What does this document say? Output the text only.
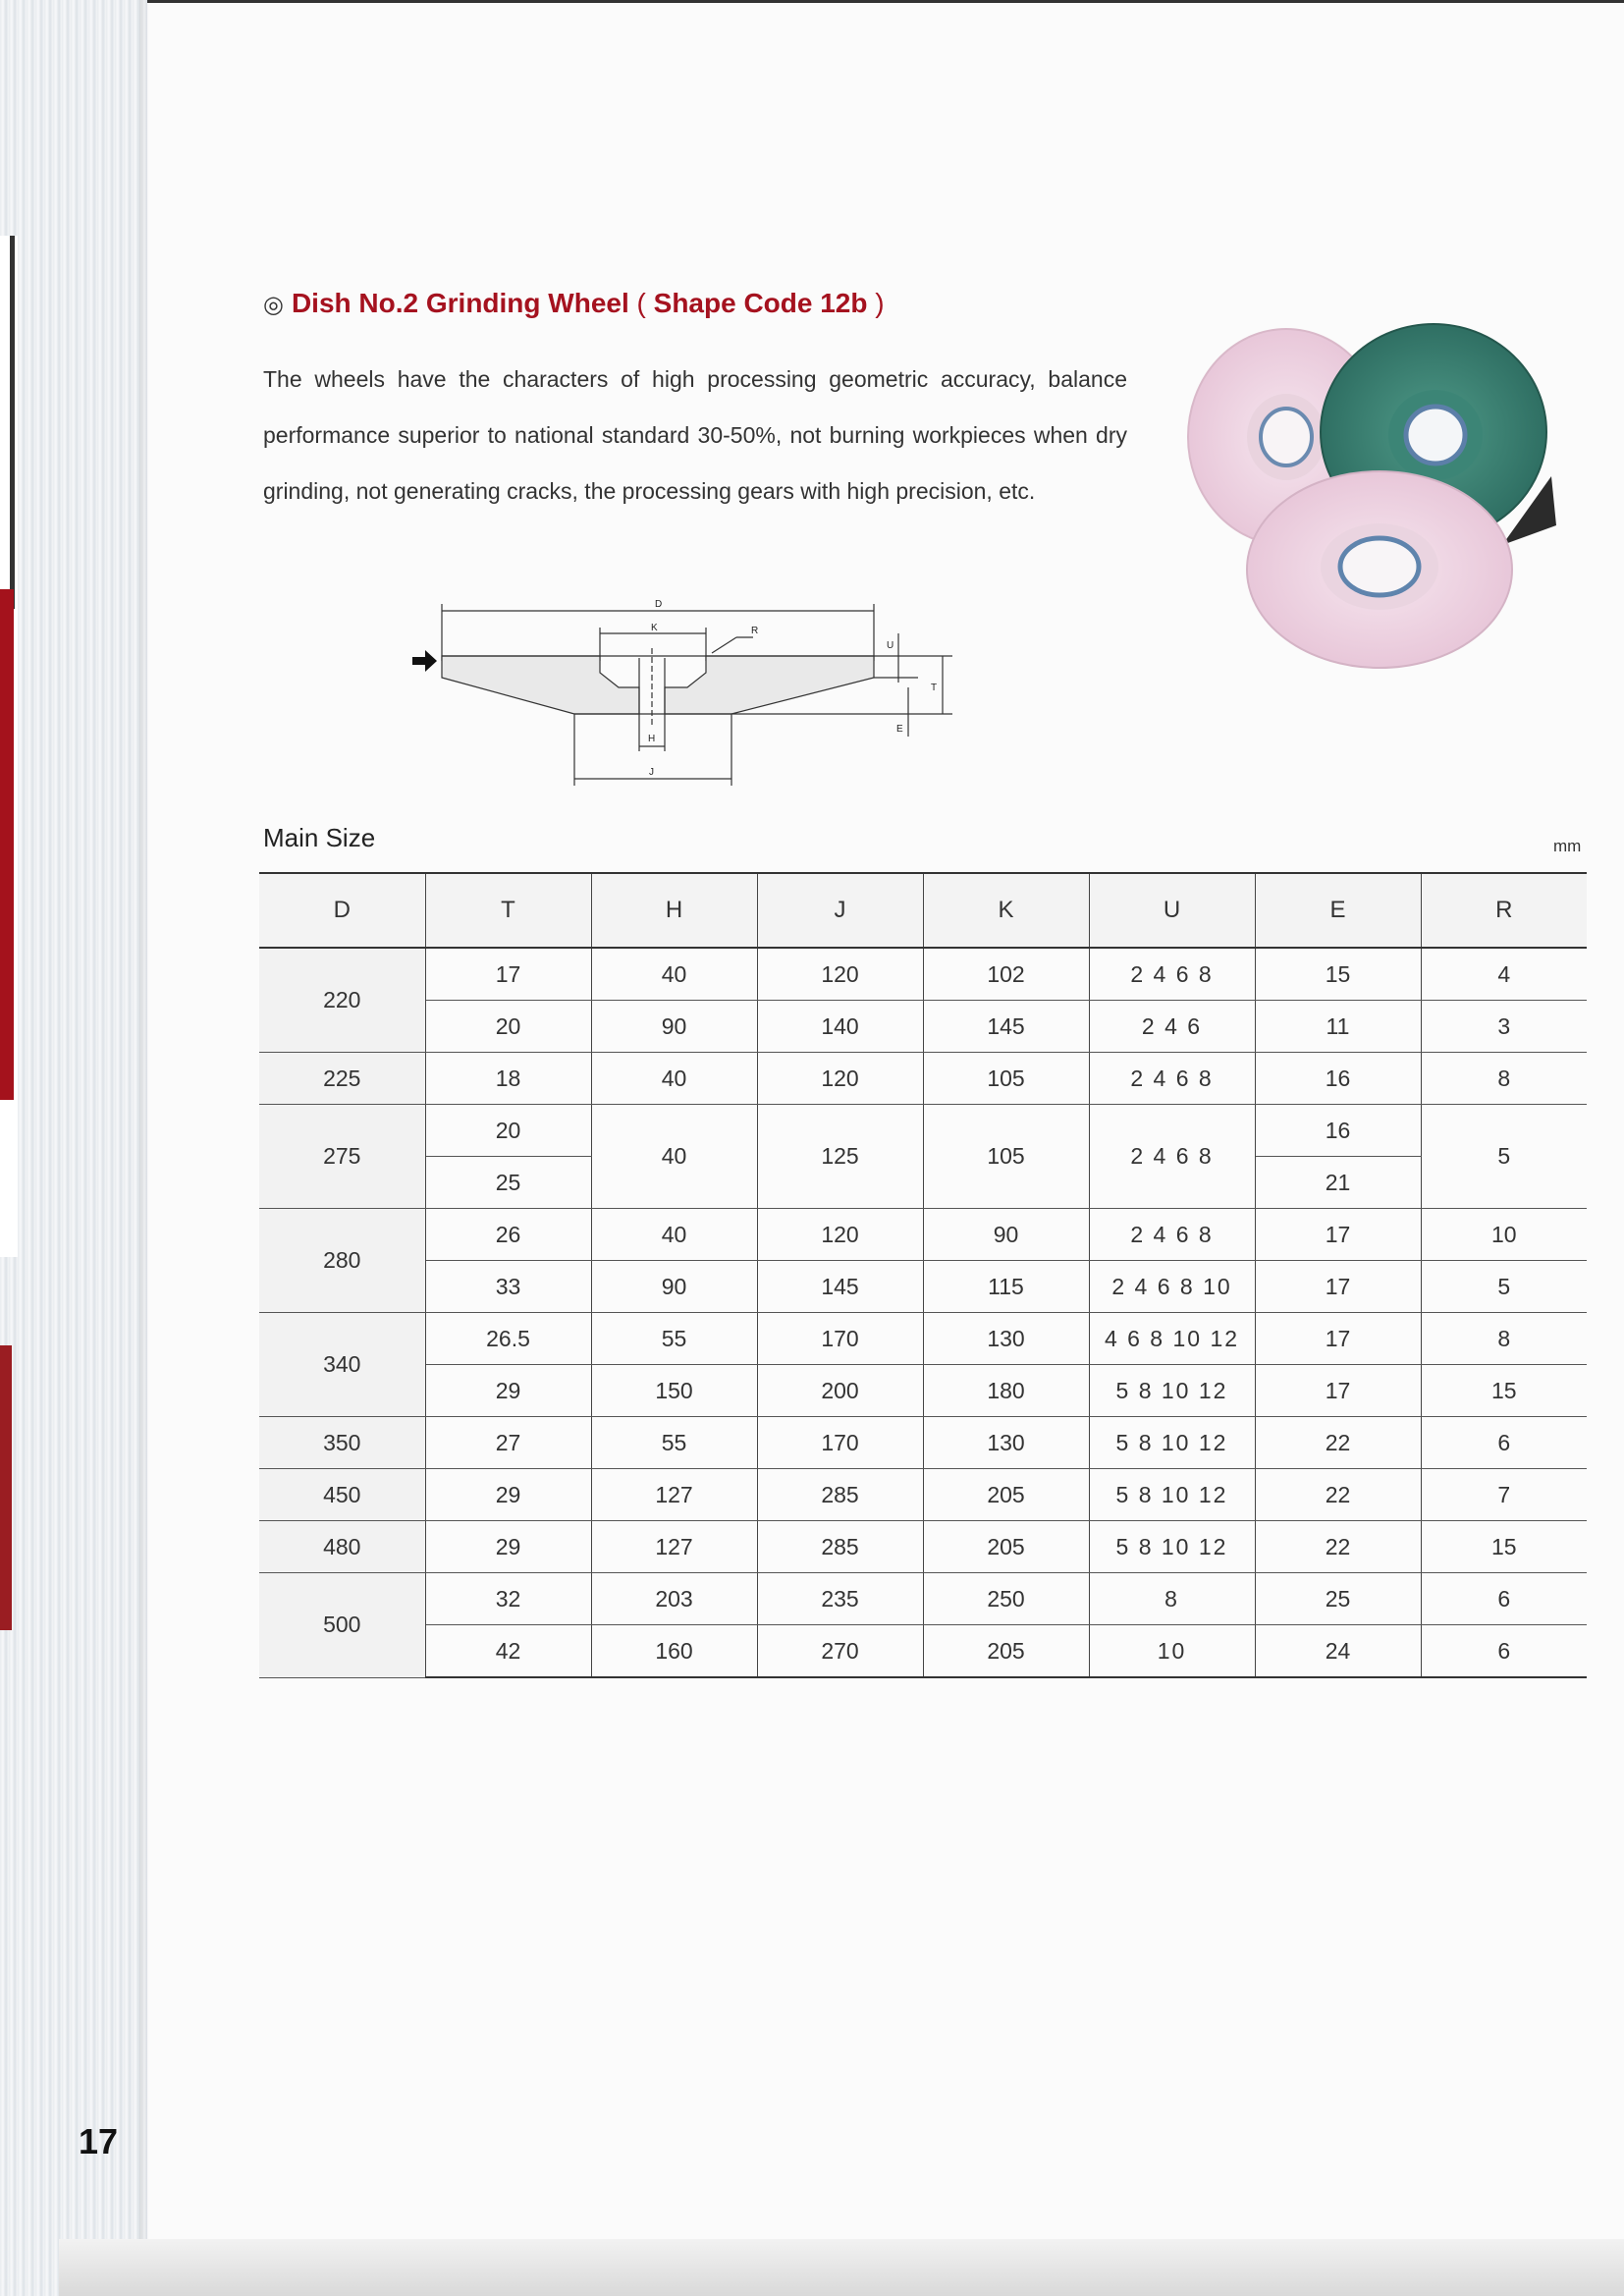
17
◎ Dish No.2 Grinding Wheel ( Shape Code 12b )
The wheels have the characters of high processing geometric accuracy, balance performance superior to national standard 30-50%, not burning workpieces when dry grinding, not generating cracks, the processing gears with high precision, etc.
D
K	R
U
T
E
H
J
Main Size	mm
D	T	H	J	K	U	E	R
220	17	40	120	102	2 4 6 8	15	4
	20	90	140	145	2 4 6	11	3
225	18	40	120	105	2 4 6 8	16	8
275	20	40	125	105	2 4 6 8	16	5
	25					21	
280	26	40	120	90	2 4 6 8	17	10
	33	90	145	115	2 4 6 8 10	17	5
340	26.5	55	170	130	4 6 8 10 12	17	8
	29	150	200	180	5 8 10 12	17	15
350	27	55	170	130	5 8 10 12	22	6
450	29	127	285	205	5 8 10 12	22	7
480	29	127	285	205	5 8 10 12	22	15
500	32	203	235	250	8	25	6
	42	160	270	205	10	24	6
